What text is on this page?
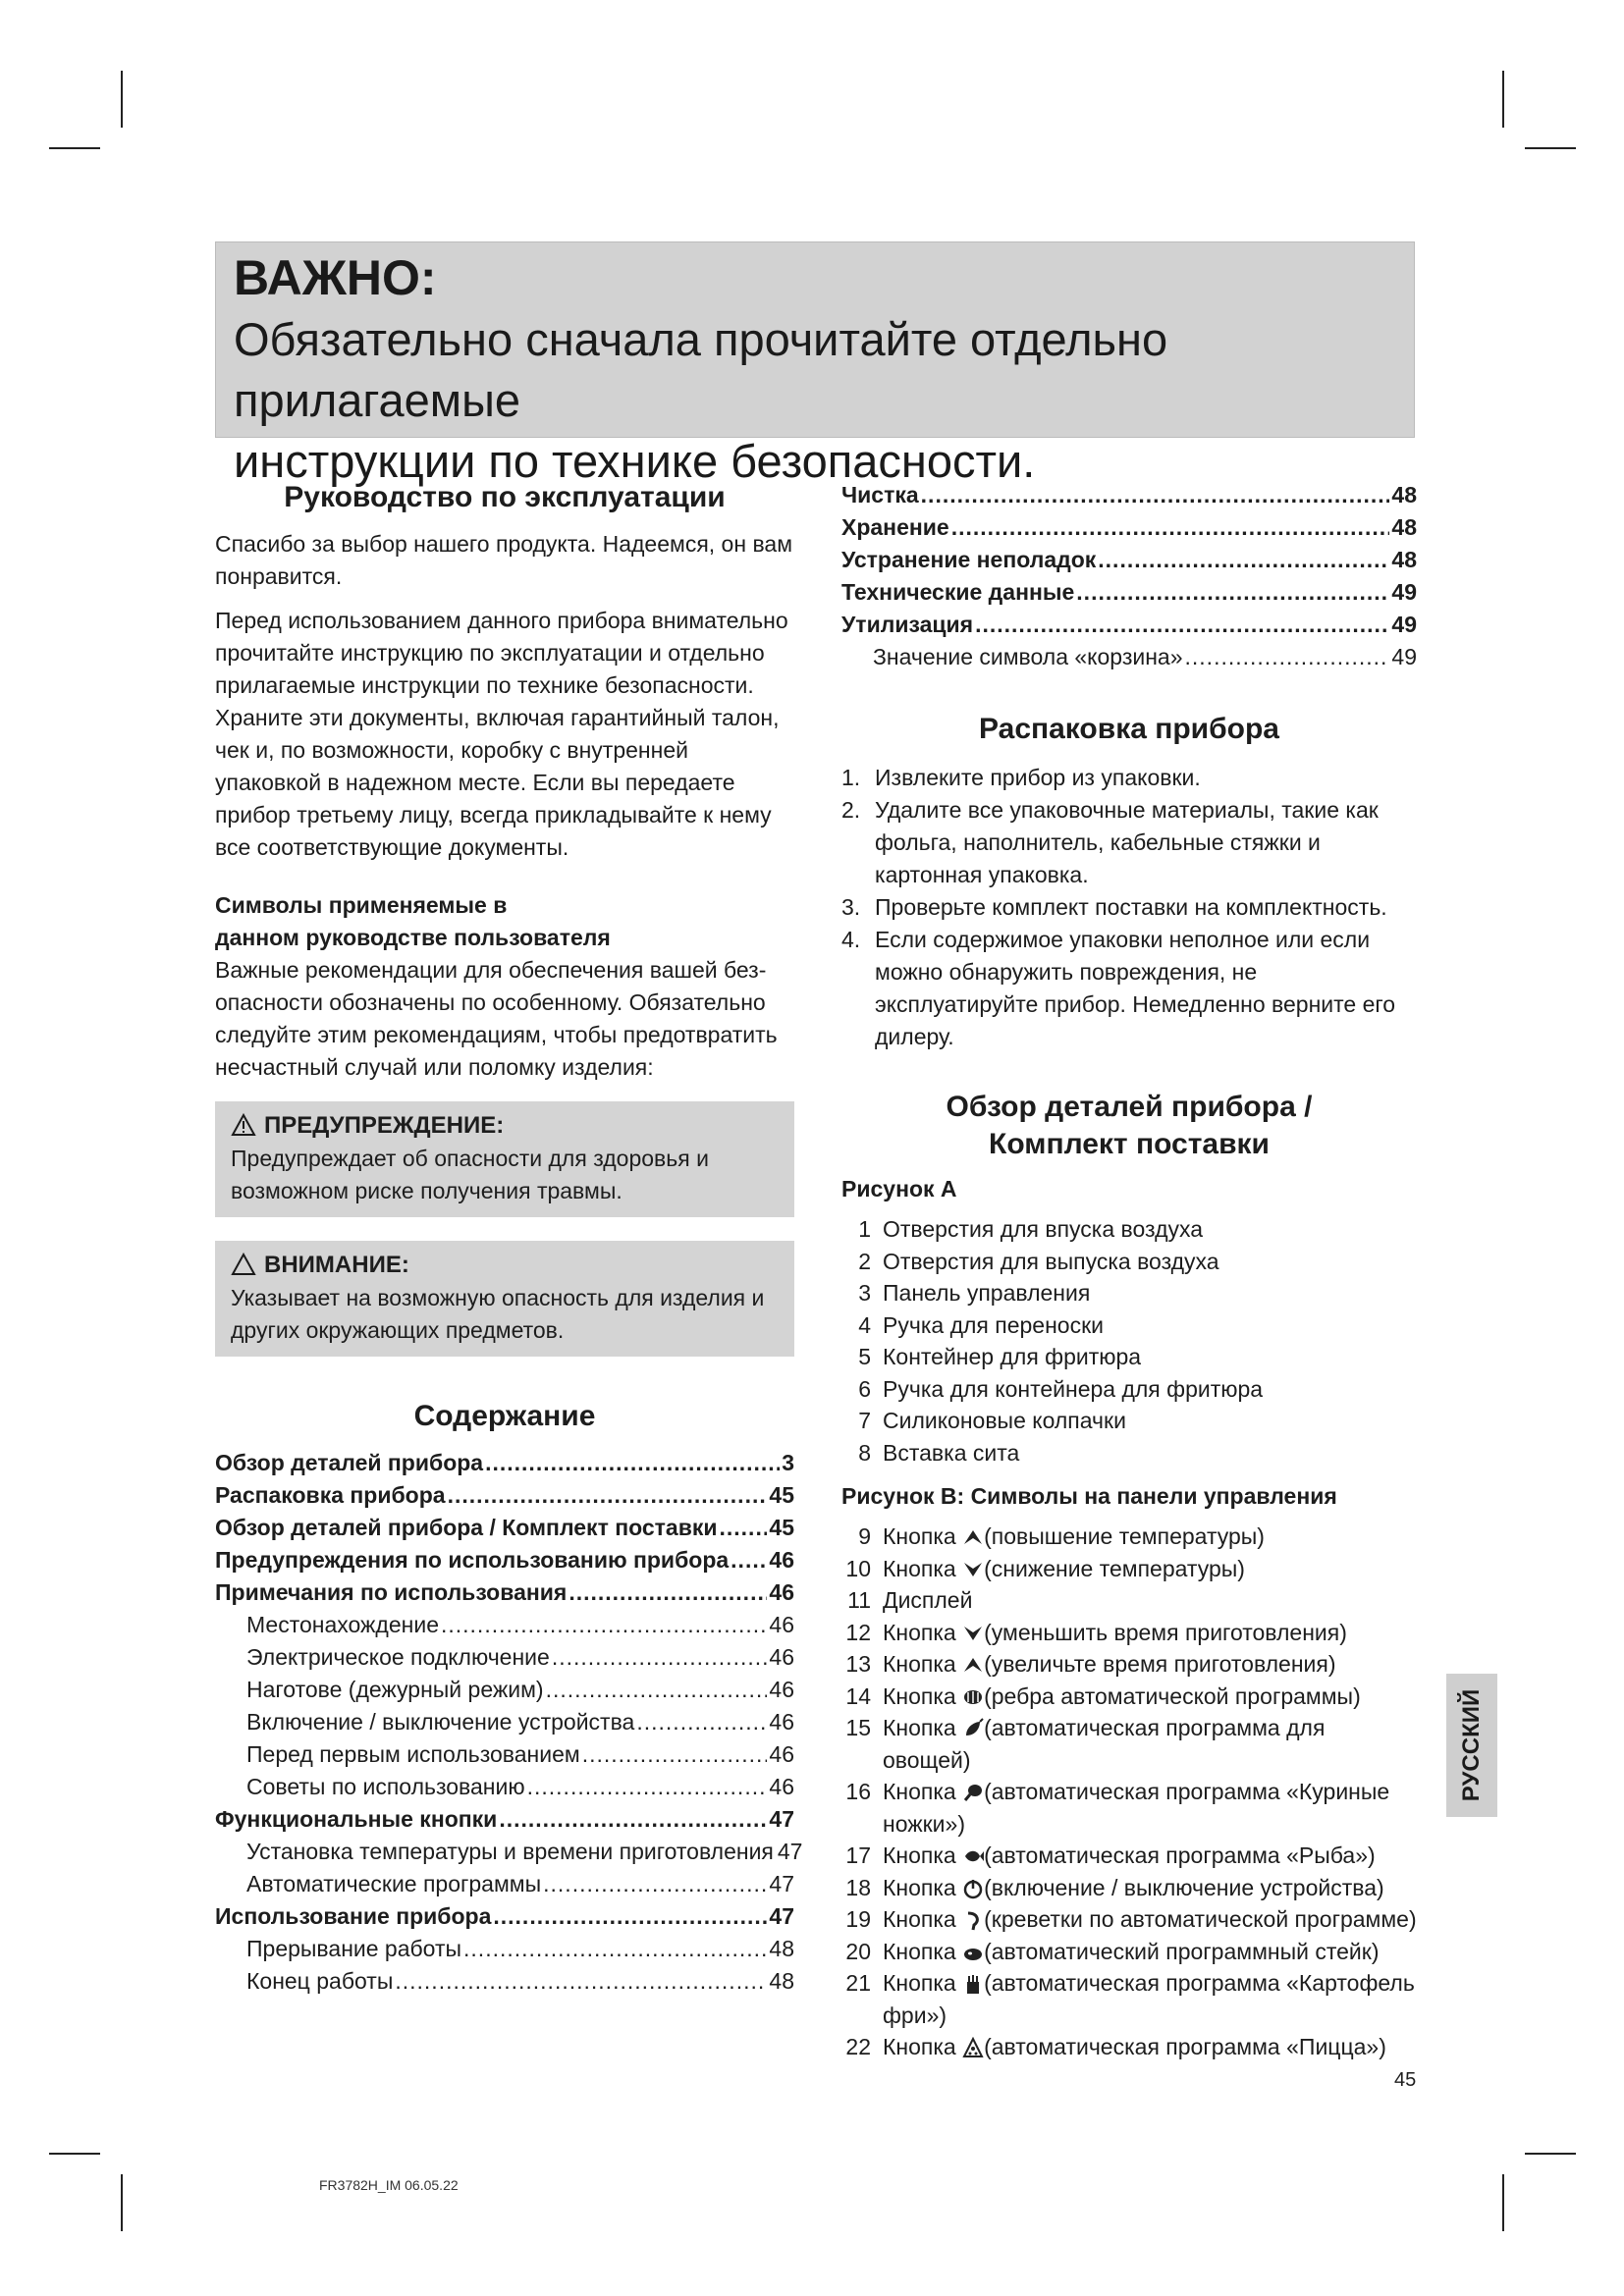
ВАЖНО:
Обязательно сначала прочитайте отдельно прилагаемые
инструкции по технике безопасности.
Руководство по эксплуатации

Спасибо за выбор нашего продукта. Надеемся, он вам понравится.

Перед использованием данного прибора внимательно прочитайте инструкцию по эксплуатации и отдельно прилагаемые инструкции по технике безопасности. Храните эти документы, включая гарантийный талон, чек и, по возможности, коробку с внутренней упаковкой в надежном месте. Если вы передаете прибор третьему лицу, всегда прикладывайте к нему все соответствующие документы.

Символы применяемые в
данном руководстве пользователя

Важные рекомендации для обеспечения вашей безопасности обозначены по особенному. Обязательно следуйте этим рекомендациям, чтобы предотвратить несчастный случай или поломку изделия:

ПРЕДУПРЕЖДЕНИЕ:

Предупреждает об опасности для здоровья и возможном риске получения травмы.

ВНИМАНИЕ:

Указывает на возможную опасность для изделия и других окружающих предметов.

Содержание
Обзор деталей прибора .....	3
Распаковка прибора .....	45
Обзор деталей прибора / Комплект поставки ..... 45
Предупреждения по использованию прибора ..... 46
Примечания по использования .....	46
Местонахождение .....	46
Электрическое подключение .....	46
Наготове (дежурный режим) .....	46
Включение / выключение устройства .....	46
Перед первым использованием .....	46
Советы по использованию .....	46
Функциональные кнопки .....	47
Установка температуры и времени приготовления 47
Автоматические программы .....	47
Использование прибора .....	47
Прерывание работы .....	48
Конец работы .....	48
Чистка .....	48
Хранение .....	48
Устранение неполадок .....	48
Технические данные .....	49
Утилизация .....	49
Значение символа «корзина» .....	49
Распаковка прибора
1. Извлеките прибор из упаковки.
2. Удалите все упаковочные материалы, такие как фольга, наполнитель, кабельные стяжки и картонная упаковка.
3. Проверьте комплект поставки на комплектность.
4. Если содержимое упаковки неполное или если можно обнаружить повреждения, не эксплуатируйте прибор. Немедленно верните его дилеру.
Обзор деталей прибора /
Комплект поставки
Рисунок A
1 Отверстия для впуска воздуха
2 Отверстия для выпуска воздуха
3 Панель управления
4 Ручка для переноски
5 Контейнер для фритюра
6 Ручка для контейнера для фритюра
7 Силиконовые колпачки
8 Вставка сита
Рисунок B: Символы на панели управления
9 Кнопка (повышение температуры)
10 Кнопка (снижение температуры)
11 Дисплей
12 Кнопка (уменьшить время приготовления)
13 Кнопка (увеличьте время приготовления)
14 Кнопка (ребра автоматической программы)
15 Кнопка (автоматическая программа для овощей)
16 Кнопка (автоматическая программа «Куриные ножки»)
17 Кнопка (автоматическая программа «Рыба»)
18 Кнопка (включение / выключение устройства)
19 Кнопка (креветки по автоматической программе)
20 Кнопка (автоматический программный стейк)
21 Кнопка (автоматическая программа «Картофель фри»)
22 Кнопка (автоматическая программа «Пицца»)
РУССКИЙ
45
FR3782H_IM 06.05.22
